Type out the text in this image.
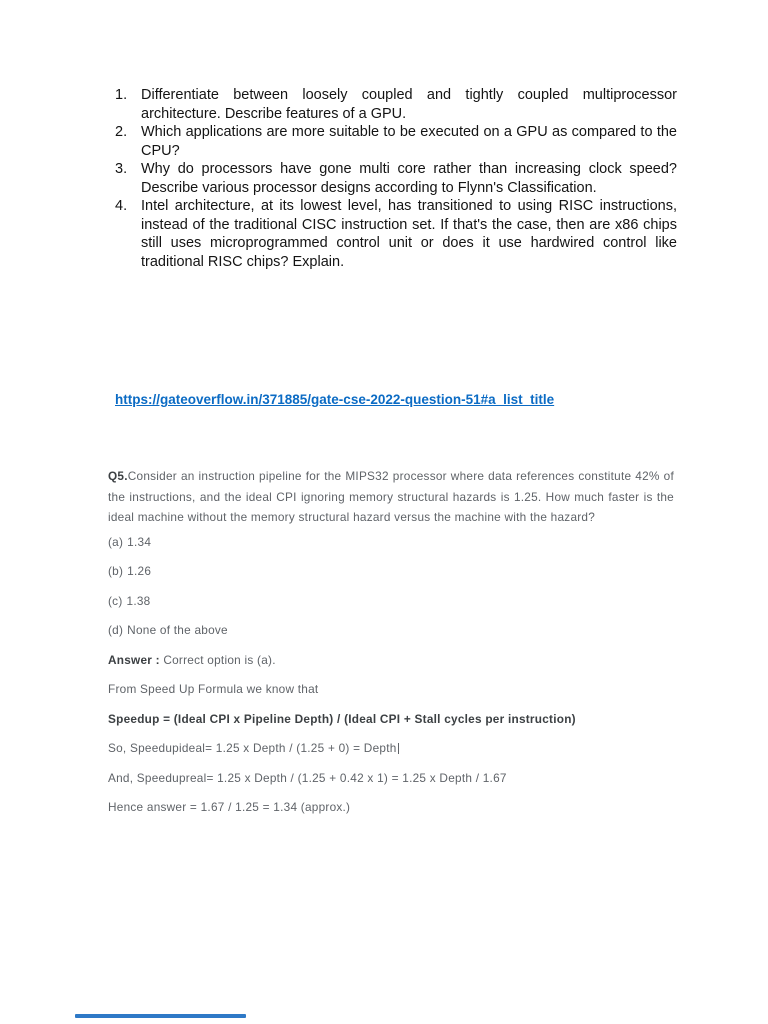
1. Differentiate between loosely coupled and tightly coupled multiprocessor architecture. Describe features of a GPU.
2. Which applications are more suitable to be executed on a GPU as compared to the CPU?
3. Why do processors have gone multi core rather than increasing clock speed? Describe various processor designs according to Flynn's Classification.
4. Intel architecture, at its lowest level, has transitioned to using RISC instructions, instead of the traditional CISC instruction set. If that's the case, then are x86 chips still uses microprogrammed control unit or does it use hardwired control like traditional RISC chips? Explain.
https://gateoverflow.in/371885/gate-cse-2022-question-51#a_list_title

Q5.Consider an instruction pipeline for the MIPS32 processor where data references constitute 42% of the instructions, and the ideal CPI ignoring memory structural hazards is 1.25. How much faster is the ideal machine without the memory structural hazard versus the machine with the hazard?

(a) 1.34

(b) 1.26

(c) 1.38

(d) None of the above

Answer : Correct option is (a).

From Speed Up Formula we know that

Speedup = (Ideal CPI x Pipeline Depth) / (Ideal CPI + Stall cycles per instruction)

So, Speedupideal= 1.25 x Depth / (1.25 + 0) = Depth

And, Speedupreal= 1.25 x Depth / (1.25 + 0.42 x 1) = 1.25 x Depth / 1.67

Hence answer = 1.67 / 1.25 = 1.34 (approx.)
